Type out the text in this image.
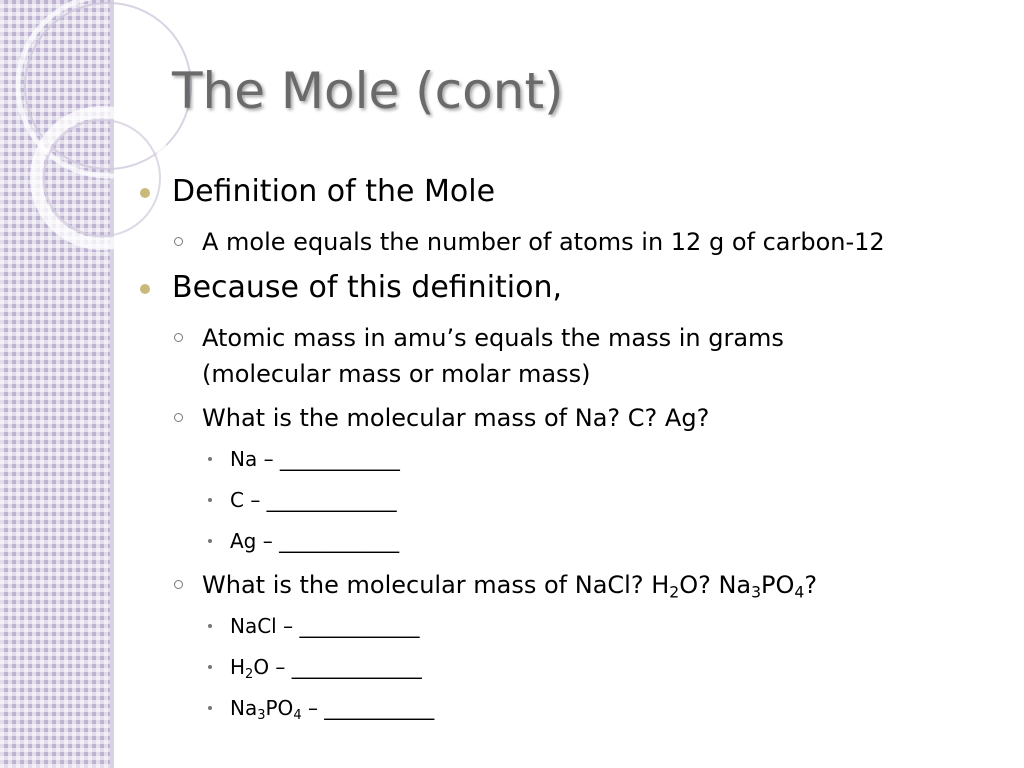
The Mole (cont)
Definition of the Mole
A mole equals the number of atoms in 12 g of carbon-12
Because of this definition,
Atomic mass in amu’s equals the mass in grams (molecular mass or molar mass)
What is the molecular mass of Na? C? Ag?
Na – ____________
C – _____________
Ag – ____________
What is the molecular mass of NaCl? $H_2O$? $Na_3PO_4$?
NaCl – ____________
$H_2O$ – _____________
$Na_3PO_4$ – ___________
